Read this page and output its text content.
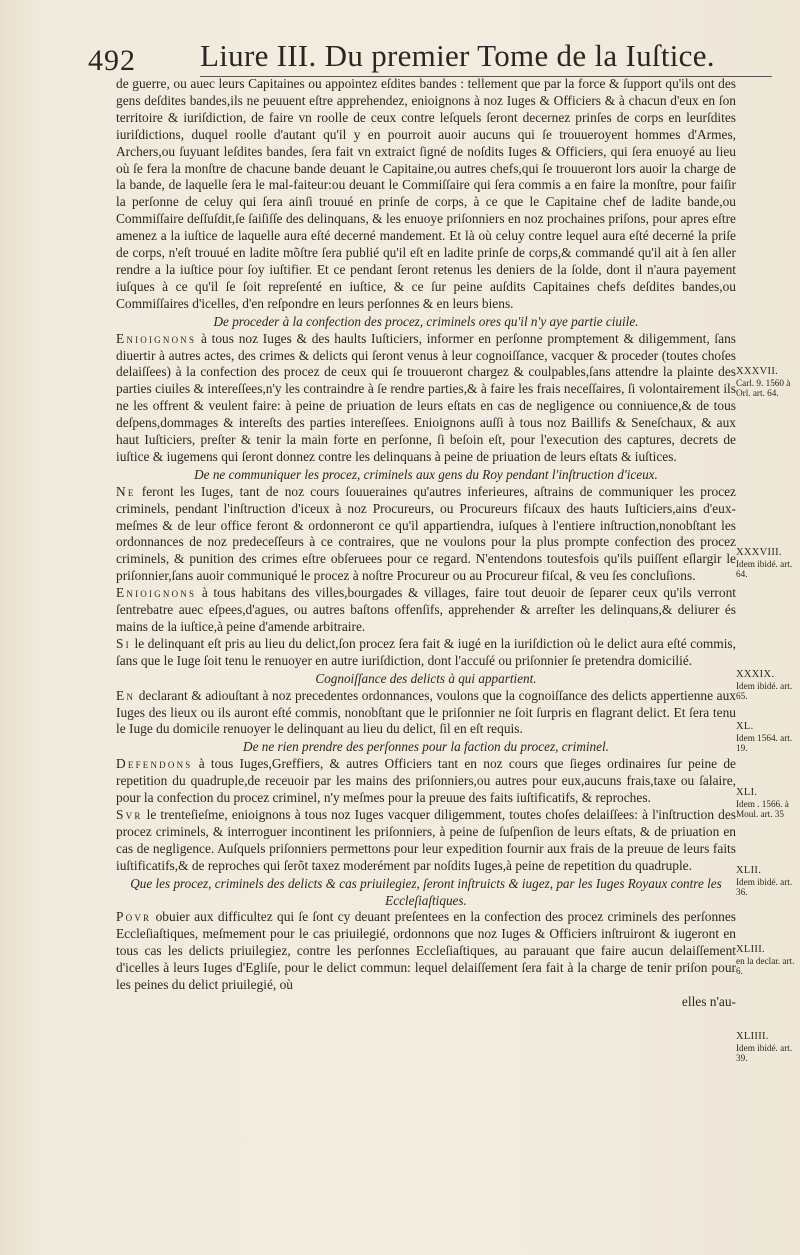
492 Liure III. Du premier Tome de la Iuſtice.

de guerre, ou auec leurs Capitaines ou appointez eſdites bandes : tellement que par la force & ſupport qu'ils ont des gens deſdites bandes,ils ne peuuent eſtre apprehendez, enioignons à noz Iuges & Officiers & à chacun d'eux en ſon territoire & iuriſdiction, de faire vn roolle de ceux contre leſquels ſeront decernez prinſes de corps en leurſdites iuriſdictions, duquel roolle d'autant qu'il y en pourroit auoir aucuns qui ſe trouueroyent hommes d'Armes, Archers,ou ſuyuant leſdites bandes, ſera fait vn extraict ſigné de noſdits Iuges & Officiers, qui ſera enuoyé au lieu où ſe fera la monſtre de chacune bande deuant le Capitaine,ou autres chefs,qui ſe trouueront lors auoir la charge de la bande, de laquelle ſera le mal-faiteur:ou deuant le Commiſſaire qui ſera commis a en faire la monſtre, pour faiſir la perſonne de celuy qui ſera ainſi trouué en prinſe de corps, à ce que le Capitaine chef de ladite bande,ou Commiſſaire deſſuſdit,ſe ſaiſiſſe des delinquans, & les enuoye priſonniers en noz prochaines priſons, pour apres eſtre amenez a la iuſtice de laquelle aura eſté decerné mandement. Et là où celuy contre lequel aura eſté decerné la priſe de corps, n'eſt trouué en ladite mõſtre ſera publié qu'il eſt en ladite prinſe de corps,& commandé qu'il ait à ſen aller rendre a la iuſtice pour ſoy iuſtifier. Et ce pendant ſeront retenus les deniers de la ſolde, dont il n'aura payement iuſques à ce qu'il ſe ſoit repreſenté en iuſtice, & ce ſur peine auſdits Capitaines chefs deſdites bandes,ou Commiſſaires d'icelles, d'en reſpondre en leurs perſonnes & en leurs biens.

De proceder à la confection des procez, criminels ores qu'il n'y aye partie ciuile.

Enioignons à tous noz Iuges & des haults Iuſticiers, informer en perſonne promptement & diligemment, ſans diuertir à autres actes, des crimes & delicts qui ſeront venus à leur cognoiſſance, vacquer & proceder (toutes choſes delaiſſees) à la confection des procez de ceux qui ſe trouueront chargez & coulpables,ſans attendre la plainte des parties ciuiles & intereſſees,n'y les contraindre à ſe rendre parties,& à faire les frais neceſſaires, ſi volontairement ils ne les offrent & veulent faire: à peine de priuation de leurs eſtats en cas de negligence ou conniuence,& de tous deſpens,dommages & intereſts des parties intereſſees. Enioignons auſſi à tous noz Baillifs & Seneſchaux, & aux haut Iuſticiers, preſter & tenir la main forte en perſonne, ſi beſoin eſt, pour l'execution des captures, decrets de iuſtice & iugemens qui ſeront donnez contre les delinquans à peine de priuation de leurs eſtats & iuſtices.

De ne communiquer les procez, criminels aux gens du Roy pendant l'inſtruction d'iceux.

Ne feront les Iuges, tant de noz cours ſouueraines qu'autres inferieures, aſtrains de communiquer les procez criminels, pendant l'inſtruction d'iceux à noz Procureurs, ou Procureurs fiſcaux des hauts Iuſticiers,ains d'eux-meſmes & de leur office feront & ordonneront ce qu'il appartiendra, iuſques à l'entiere inſtruction,nonobſtant les ordonnances de noz predeceſſeurs à ce contraires, que ne voulons pour la plus prompte confection des procez criminels, & punition des crimes eſtre obſeruees pour ce regard. N'entendons toutesfois qu'ils puiſſent eſlargir le priſonnier,ſans auoir communiqué le procez à noſtre Procureur ou au Procureur fiſcal, & veu ſes concluſions.

Enioignons à tous habitans des villes,bourgades & villages, faire tout deuoir de ſeparer ceux qu'ils verront ſentrebatre auec eſpees,d'agues, ou autres baſtons offenſifs, apprehender & arreſter les delinquans,& deliurer és mains de la iuſtice,à peine d'amende arbitraire.

Si le delinquant eſt pris au lieu du delict,ſon procez ſera fait & iugé en la iuriſdiction où le delict aura eſté commis, ſans que le Iuge ſoit tenu le renuoyer en autre iuriſdiction, dont l'accuſé ou priſonnier ſe pretendra domicilié.

Cognoiſſance des delicts à qui appartient.

En declarant & adiouſtant à noz precedentes ordonnances, voulons que la cognoiſſance des delicts appertienne aux Iuges des lieux ou ils auront eſté commis, nonobſtant que le priſonnier ne ſoit ſurpris en flagrant delict. Et ſera tenu le Iuge du domicile renuoyer le delinquant au lieu du delict, ſil en eſt requis.

De ne rien prendre des perſonnes pour la faction du procez, criminel.

Defendons à tous Iuges,Greffiers, & autres Officiers tant en noz cours que ſieges ordinaires ſur peine de repetition du quadruple,de receuoir par les mains des priſonniers,ou autres pour eux,aucuns frais,taxe ou ſalaire, pour la confection du procez criminel, n'y meſmes pour la preuue des faits iuſtificatifs, & reproches.

Svr le trenteſieſme, enioignons à tous noz Iuges vacquer diligemment, toutes choſes delaiſſees: à l'inſtruction des procez criminels, & interroguer incontinent les priſonniers, à peine de ſuſpenſion de leurs eſtats, & de priuation en cas de negligence. Auſquels priſonniers permettons pour leur expedition fournir aux frais de la preuue de leurs faits iuſtificatifs,& de reproches qui ſerõt taxez moderément par noſdits Iuges,à peine de repetition du quadruple.

Que les procez, criminels des delicts & cas priuilegiez, ſeront inſtruicts & iugez, par les Iuges Royaux contre les Eccleſiaſtiques.

Povr obuier aux difficultez qui ſe ſont cy deuant preſentees en la confection des procez criminels des perſonnes Eccleſiaſtiques, meſmement pour le cas priuilegié, ordonnons que noz Iuges & Officiers inſtruiront & iugeront en tous cas les delicts priuilegiez, contre les perſonnes Eccleſiaſtiques, au parauant que faire aucun delaiſſement d'icelles à leurs Iuges d'Egliſe, pour le delict commun: lequel delaiſſement ſera fait à la charge de tenir priſon pour les peines du delict priuilegié, où

elles n'au-

XXXVII.
Carl. 9. 1560 à Orl. art. 64.
XXXVIII.
Idem ibidé. art. 64.
XXXIX.
Idem ibidé. art. 65.
XL.
Idem 1564. art. 19.
XLI.
Idem . 1566. à Moul. art. 35
XLII.
Idem ibidé. art. 36.
XLIII.
en la declar. art. 6.
XLIIII.
Idem ibidé. art. 39.
